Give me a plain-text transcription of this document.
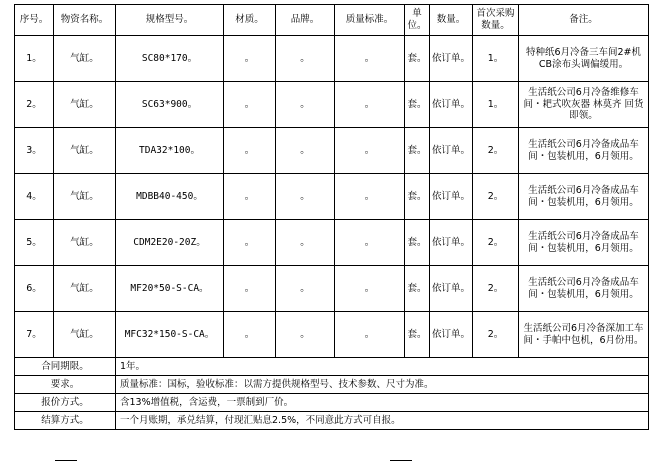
序号。	物资名称。	规格型号。	材质。	品牌。	质量标准。	单位。	数量。	首次采购数量。	备注。
1。	气缸。	SC80*170。	。	。	。	套。	依订单。	1。	特种纸6月冷备三车间2#机CB涂布头调偏缓用。
2。	气缸。	SC63*900。	。	。	。	套。	依订单。	1。	生活纸公司6月冷备维修车间・耙式吹灰器 林莫齐 回货即领。
3。	气缸。	TDA32*100。	。	。	。	套。	依订单。	2。	生活纸公司6月冷备成品车间・包装机用，6月领用。
4。	气缸。	MDBB40-450。	。	。	。	套。	依订单。	2。	生活纸公司6月冷备成品车间・包装机用，6月领用。
5。	气缸。	CDM2E20-20Z。	。	。	。	套。	依订单。	2。	生活纸公司6月冷备成品车间・包装机用，6月领用。
6。	气缸。	MF20*50-S-CA。	。	。	。	套。	依订单。	2。	生活纸公司6月冷备成品车间・包装机用，6月领用。
7。	气缸。	MFC32*150-S-CA。	。	。	。	套。	依订单。	2。	生活纸公司6月冷备深加工车间・手帕中包机，6月份用。
合同期限。		1年。							
要求。		质量标准：国标，验收标准：以需方提供规格型号、技术参数、尺寸为准。							
报价方式。		含13%增值税，含运费，一票制到厂价。							
结算方式。		一个月账期，承兑结算，付现汇贴息2.5%，不同意此方式可自报。							
